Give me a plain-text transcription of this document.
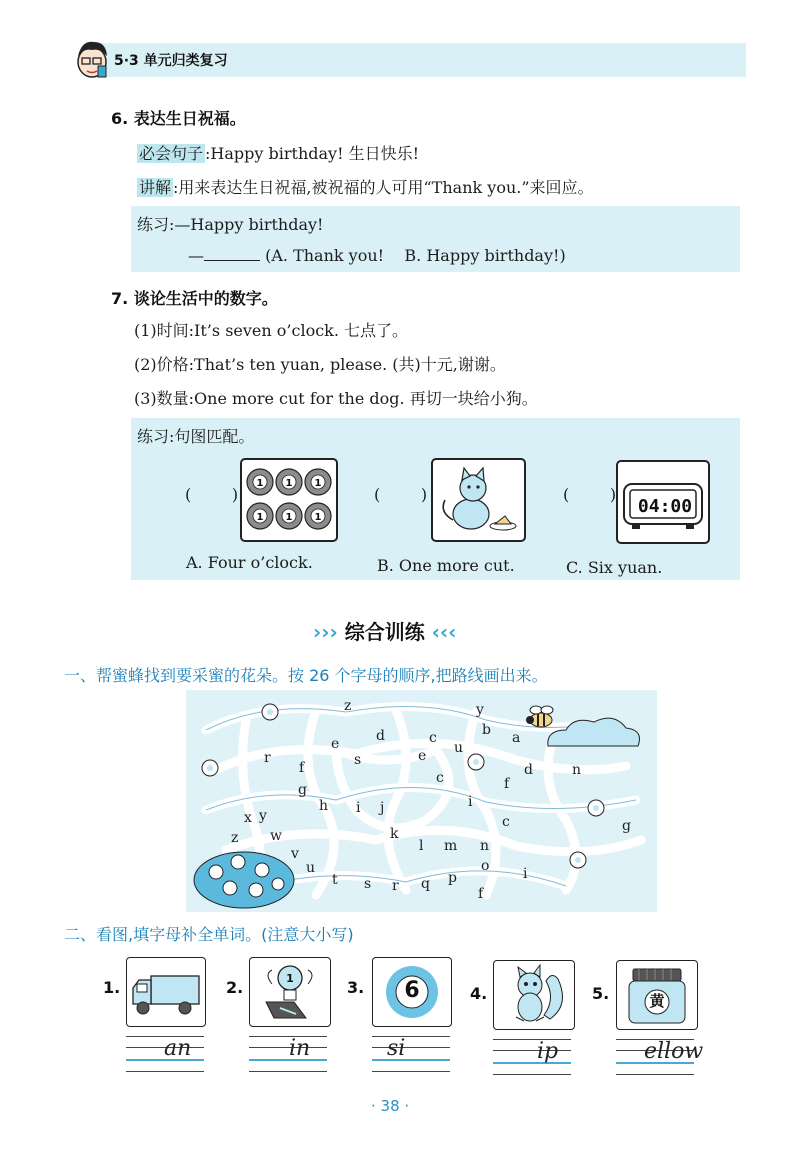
5·3 单元归类复习
6. 表达生日祝福。
必会句子 :Happy birthday! 生日快乐!
讲解 :用来表达生日祝福,被祝福的人可用“Thank you.”来回应。
练习:—Happy birthday!
—	(A. Thank you!    B. Happy birthday!)
7. 谈论生活中的数字。
(1)时间:It’s seven o’clock. 七点了。
(2)价格:That’s ten yuan, please. (共)十元,谢谢。
(3)数量:One more cut for the dog. 再切一块给小狗。
练习:句图匹配。
(        )
1 1 1
1 1 1
(        )	(        )
04:00
A. Four o’clock.	B. One more cut.	C. Six yuan.
››› 综合训练 ‹‹‹
一、帮蜜蜂找到要采蜜的花朵。按 26 个字母的顺序,把路线画出来。
z	y
a
b
e	d	c
u
r
f	s	e
d	n
g
c	f
h i j	i
y
x
z w
c
k
l m n
g
v
u
t s r q p
o i
f
二、看图,填字母补全单词。(注意大小写)
1.
an
2.	1
in
3.	6
si
4.
ip
5.	黄
ellow
· 38 ·
